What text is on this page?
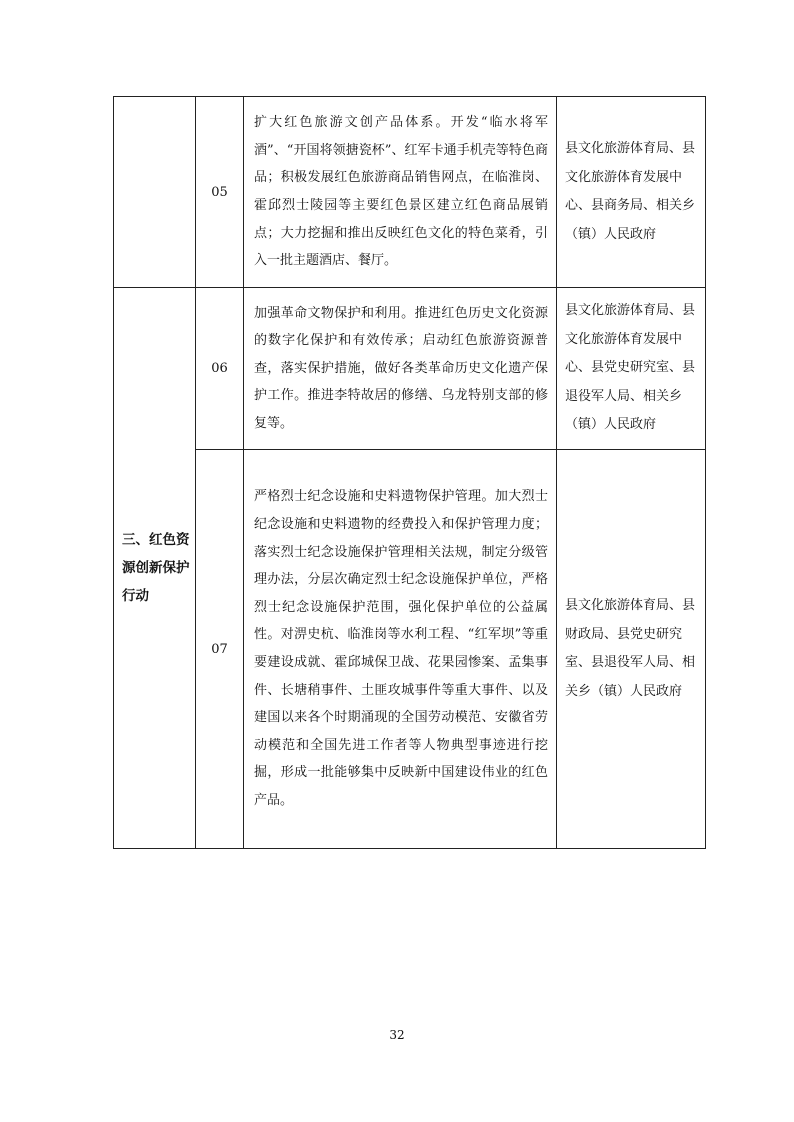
	05	扩大红色旅游文创产品体系。开发“临水将军酒”、“开国将领搪瓷杯”、红军卡通手机壳等特色商品；积极发展红色旅游商品销售网点，在临淮岗、霍邱烈士陵园等主要红色景区建立红色商品展销点；大力挖掘和推出反映红色文化的特色菜肴，引入一批主题酒店、餐厅。	县文化旅游体育局、县文化旅游体育发展中心、县商务局、相关乡（镇）人民政府
三、红色资源创新保护行动	06	加强革命文物保护和利用。推进红色历史文化资源的数字化保护和有效传承；启动红色旅游资源普查，落实保护措施，做好各类革命历史文化遗产保护工作。推进李特故居的修缮、乌龙特别支部的修复等。	县文化旅游体育局、县文化旅游体育发展中心、县党史研究室、县退役军人局、相关乡（镇）人民政府
	07	严格烈士纪念设施和史料遗物保护管理。加大烈士纪念设施和史料遗物的经费投入和保护管理力度；落实烈士纪念设施保护管理相关法规，制定分级管理办法，分层次确定烈士纪念设施保护单位，严格烈士纪念设施保护范围，强化保护单位的公益属性。对淠史杭、临淮岗等水利工程、“红军坝”等重要建设成就、霍邱城保卫战、花果园惨案、孟集事件、长塘稍事件、土匪攻城事件等重大事件、以及建国以来各个时期涌现的全国劳动模范、安徽省劳动模范和全国先进工作者等人物典型事迹进行挖掘，形成一批能够集中反映新中国建设伟业的红色产品。	县文化旅游体育局、县财政局、县党史研究室、县退役军人局、相关乡（镇）人民政府
32
